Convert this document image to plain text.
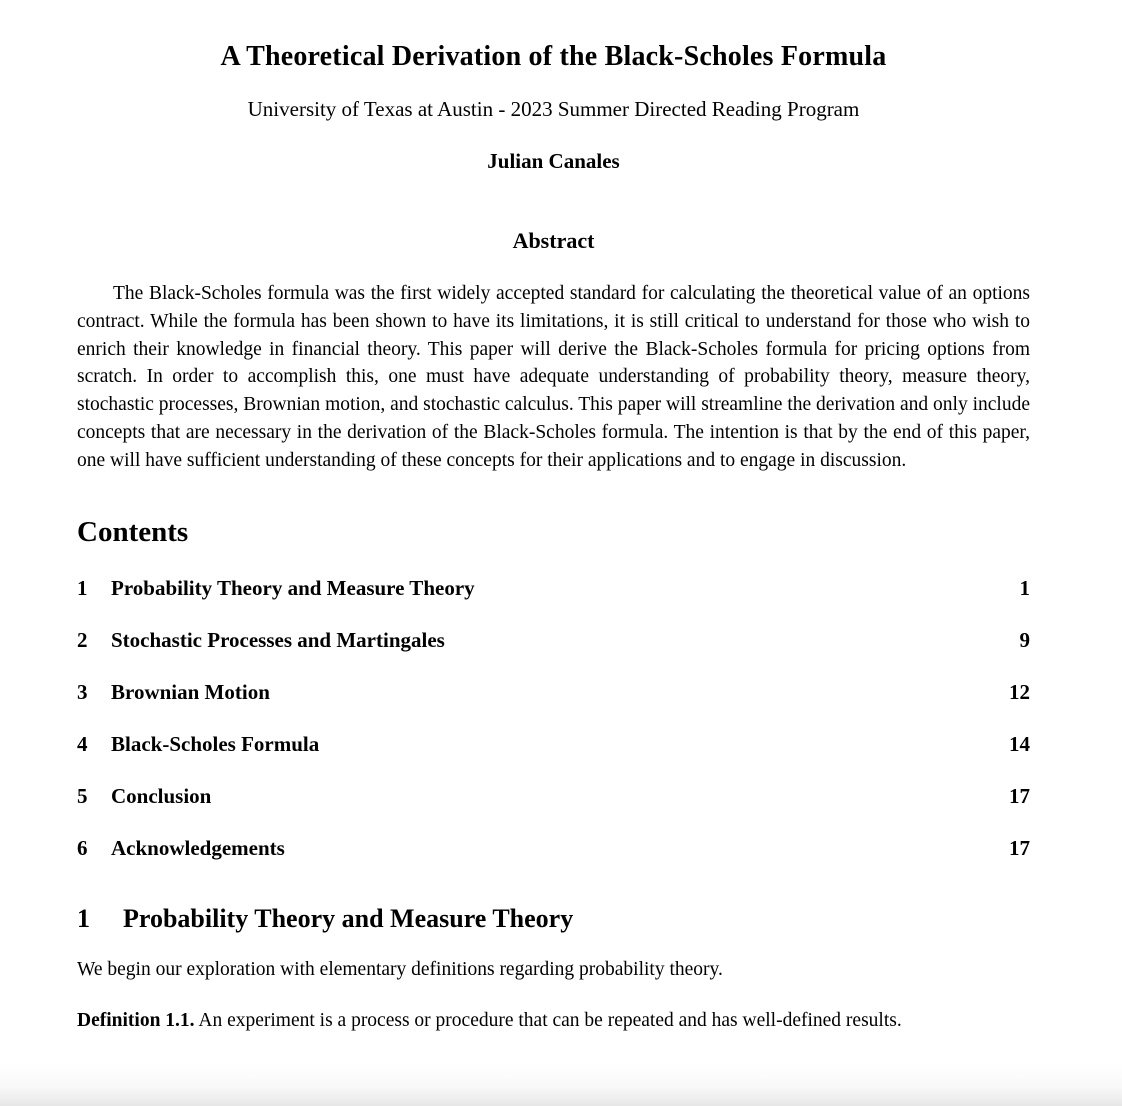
A Theoretical Derivation of the Black-Scholes Formula
University of Texas at Austin - 2023 Summer Directed Reading Program
Julian Canales
Abstract

The Black-Scholes formula was the first widely accepted standard for calculating the theoretical value of an options contract. While the formula has been shown to have its limitations, it is still critical to understand for those who wish to enrich their knowledge in financial theory. This paper will derive the Black-Scholes formula for pricing options from scratch. In order to accomplish this, one must have adequate understanding of probability theory, measure theory, stochastic processes, Brownian motion, and stochastic calculus. This paper will streamline the derivation and only include concepts that are necessary in the derivation of the Black-Scholes formula. The intention is that by the end of this paper, one will have sufficient understanding of these concepts for their applications and to engage in discussion.

Contents
1	Probability Theory and Measure Theory	1
2	Stochastic Processes and Martingales	9
3	Brownian Motion	12
4	Black-Scholes Formula	14
5	Conclusion	17
6	Acknowledgements	17
1 Probability Theory and Measure Theory

We begin our exploration with elementary definitions regarding probability theory.

Definition 1.1. An experiment is a process or procedure that can be repeated and has well-defined results.
